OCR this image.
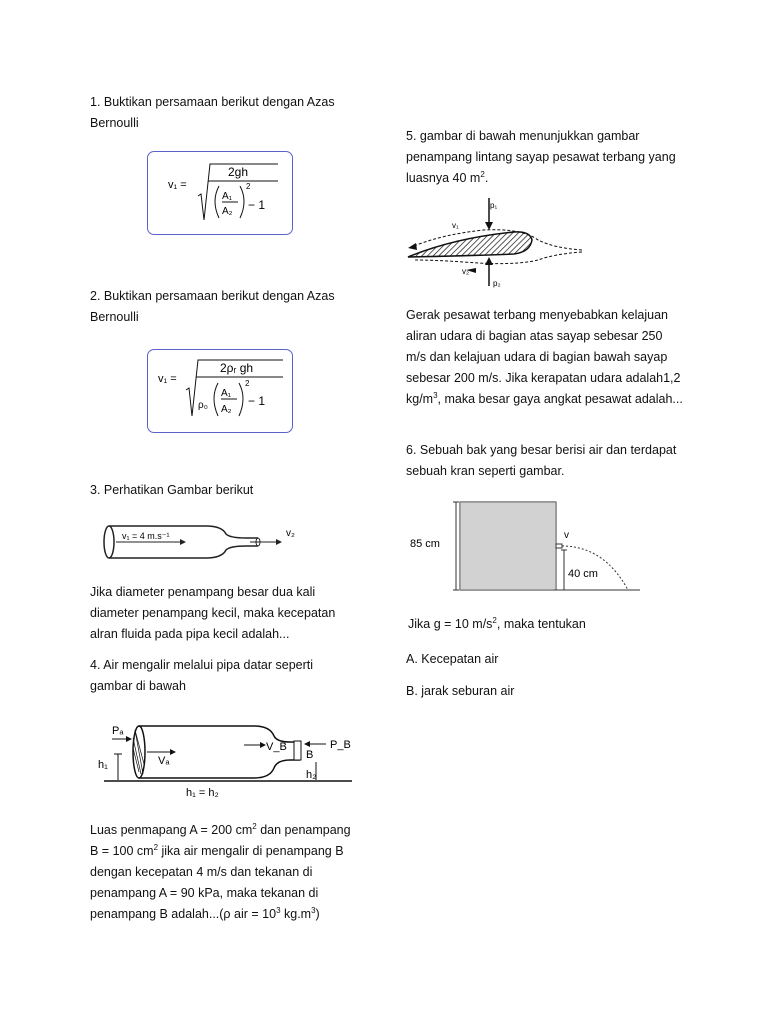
1. Buktikan persamaan berikut dengan Azas Bernoulli
v₁ =
2gh
A₁
A₂
2
− 1
2. Buktikan persamaan berikut dengan Azas Bernoulli
v₁ =
2ρᵣ gh
ρ₀
A₁
A₂
2
− 1
3. Perhatikan Gambar berikut
v₁ = 4 m.s⁻¹	v₂
Jika diameter penampang besar dua kali diameter penampang kecil, maka kecepatan alran fluida pada pipa kecil adalah...
4. Air mengalir melalui pipa datar seperti gambar di bawah
Pₐ
Vₐ
V_B	P_B
B
h₁
h₂
h₁ = h₂
Luas penmapang A = 200 $cm^2$ dan penampang B = 100 $cm^2$ jika air mengalir di penampang B dengan kecepatan 4 m/s dan tekanan di penampang A = 90 kPa, maka tekanan di penampang B adalah...(ρ air = $10^3$ $kg.m^3$)
5. gambar di bawah menunjukkan gambar penampang lintang sayap pesawat terbang yang luasnya 40 $m^2$.
p₁
v₁
v₂
p₂
Gerak pesawat terbang menyebabkan kelajuan aliran udara di bagian atas sayap sebesar 250 m/s dan kelajuan udara di bagian bawah sayap sebesar 200 m/s. Jika kerapatan udara adalah1,2 $kg/m^3$, maka besar gaya angkat pesawat adalah...
6. Sebuah bak yang besar berisi air dan terdapat sebuah kran seperti gambar.
85 cm
v
40 cm
Jika g = 10 $m/s^2$, maka tentukan
A. Kecepatan air
B. jarak seburan air
